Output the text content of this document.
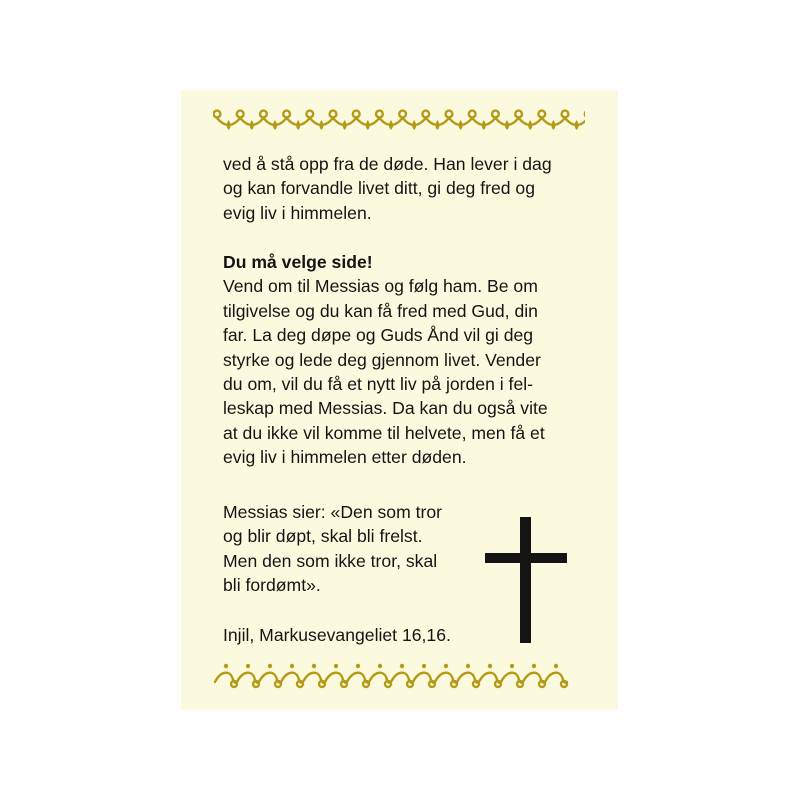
ved å stå opp fra de døde. Han lever i dag
og kan forvandle livet ditt, gi deg fred og
evig liv i himmelen.
Du må velge side!
Vend om til Messias og følg ham. Be om
tilgivelse og du kan få fred med Gud, din
far. La deg døpe og Guds Ånd vil gi deg
styrke og lede deg gjennom livet. Vender
du om, vil du få et nytt liv på jorden i fel-
leskap med Messias. Da kan du også vite
at du ikke vil komme til helvete, men få et
evig liv i himmelen etter døden.
Messias sier: «Den som tror
og blir døpt, skal bli frelst.
Men den som ikke tror, skal
bli fordømt».
Injil, Markusevangeliet 16,16.
